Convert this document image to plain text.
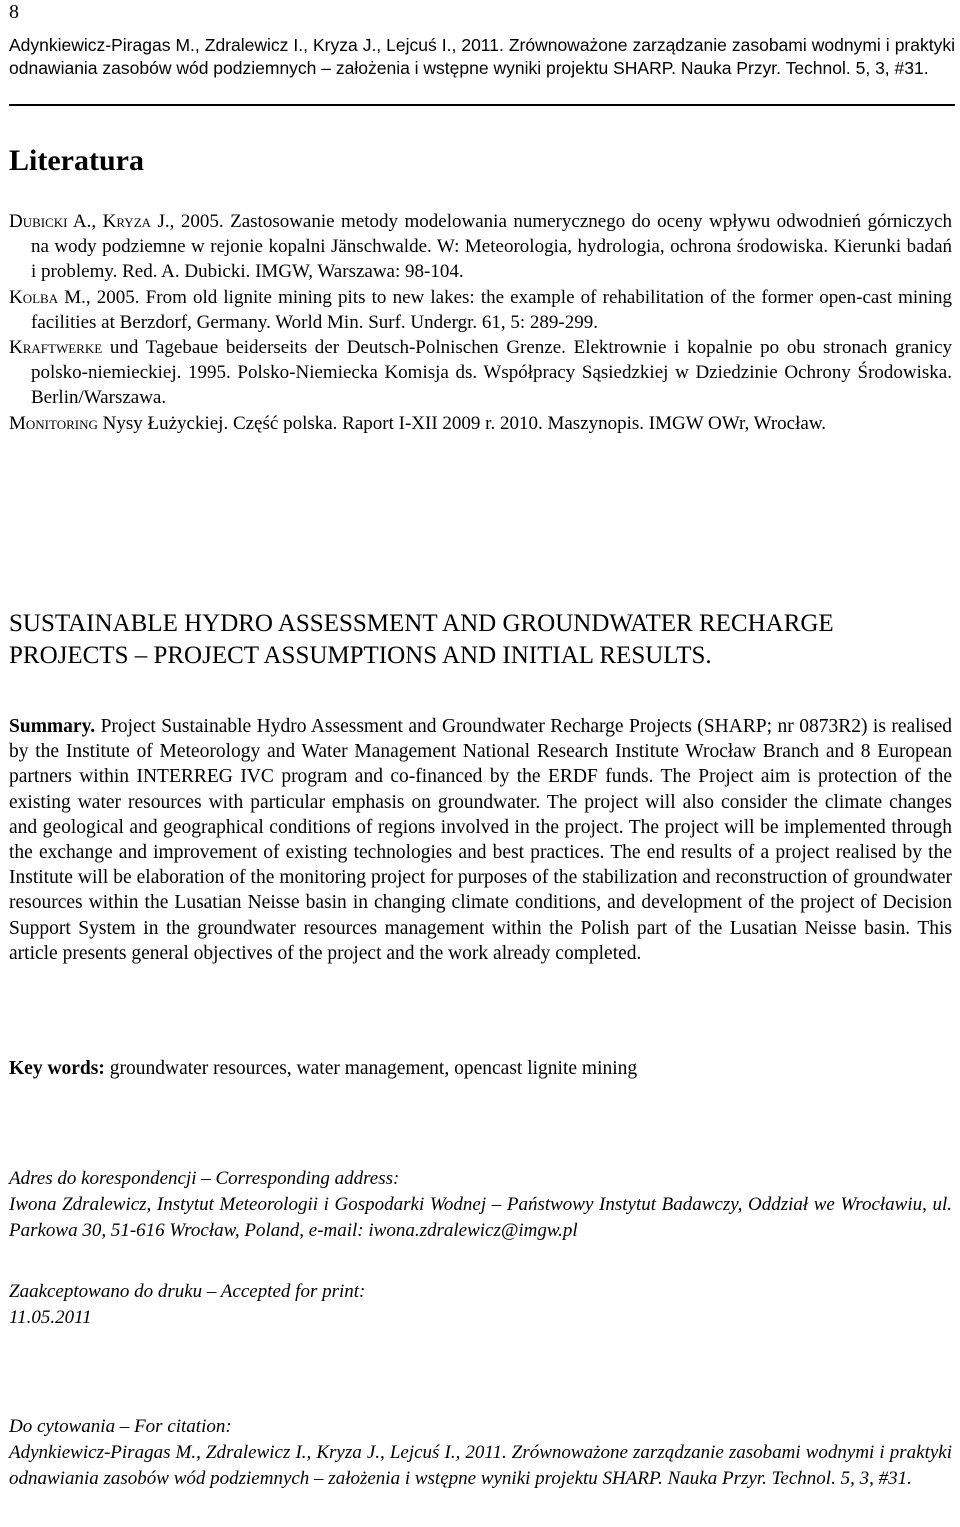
8
Adynkiewicz-Piragas M., Zdralewicz I., Kryza J., Lejcuś I., 2011. Zrównoważone zarządzanie zasobami wodnymi i praktyki odnawiania zasobów wód podziemnych – założenia i wstępne wyniki projektu SHARP. Nauka Przyr. Technol. 5, 3, #31.
Literatura

Dubicki A., Kryza J., 2005. Zastosowanie metody modelowania numerycznego do oceny wpływu odwodnień górniczych na wody podziemne w rejonie kopalni Jänschwalde. W: Meteorologia, hydrologia, ochrona środowiska. Kierunki badań i problemy. Red. A. Dubicki. IMGW, Warszawa: 98-104.

Kolba M., 2005. From old lignite mining pits to new lakes: the example of rehabilitation of the former open-cast mining facilities at Berzdorf, Germany. World Min. Surf. Undergr. 61, 5: 289-299.

Kraftwerke und Tagebaue beiderseits der Deutsch-Polnischen Grenze. Elektrownie i kopalnie po obu stronach granicy polsko-niemieckiej. 1995. Polsko-Niemiecka Komisja ds. Współpracy Sąsiedzkiej w Dziedzinie Ochrony Środowiska. Berlin/Warszawa.

Monitoring Nysy Łużyckiej. Część polska. Raport I-XII 2009 r. 2010. Maszynopis. IMGW OWr, Wrocław.

SUSTAINABLE HYDRO ASSESSMENT AND GROUNDWATER RECHARGE PROJECTS – PROJECT ASSUMPTIONS AND INITIAL RESULTS.
Summary. Project Sustainable Hydro Assessment and Groundwater Recharge Projects (SHARP; nr 0873R2) is realised by the Institute of Meteorology and Water Management National Research Institute Wrocław Branch and 8 European partners within INTERREG IVC program and co-financed by the ERDF funds. The Project aim is protection of the existing water resources with particular emphasis on groundwater. The project will also consider the climate changes and geological and geographical conditions of regions involved in the project. The project will be implemented through the exchange and improvement of existing technologies and best practices. The end results of a project realised by the Institute will be elaboration of the monitoring project for purposes of the stabilization and reconstruction of groundwater resources within the Lusatian Neisse basin in changing climate conditions, and development of the project of Decision Support System in the groundwater resources management within the Polish part of the Lusatian Neisse basin. This article presents general objectives of the project and the work already completed.
Key words: groundwater resources, water management, opencast lignite mining
Adres do korespondencji – Corresponding address:
Iwona Zdralewicz, Instytut Meteorologii i Gospodarki Wodnej – Państwowy Instytut Badawczy, Oddział we Wrocławiu, ul. Parkowa 30, 51-616 Wrocław, Poland, e-mail: iwona.zdralewicz@imgw.pl
Zaakceptowano do druku – Accepted for print:
11.05.2011
Do cytowania – For citation:
Adynkiewicz-Piragas M., Zdralewicz I., Kryza J., Lejcuś I., 2011. Zrównoważone zarządzanie zasobami wodnymi i praktyki odnawiania zasobów wód podziemnych – założenia i wstępne wyniki projektu SHARP. Nauka Przyr. Technol. 5, 3, #31.
